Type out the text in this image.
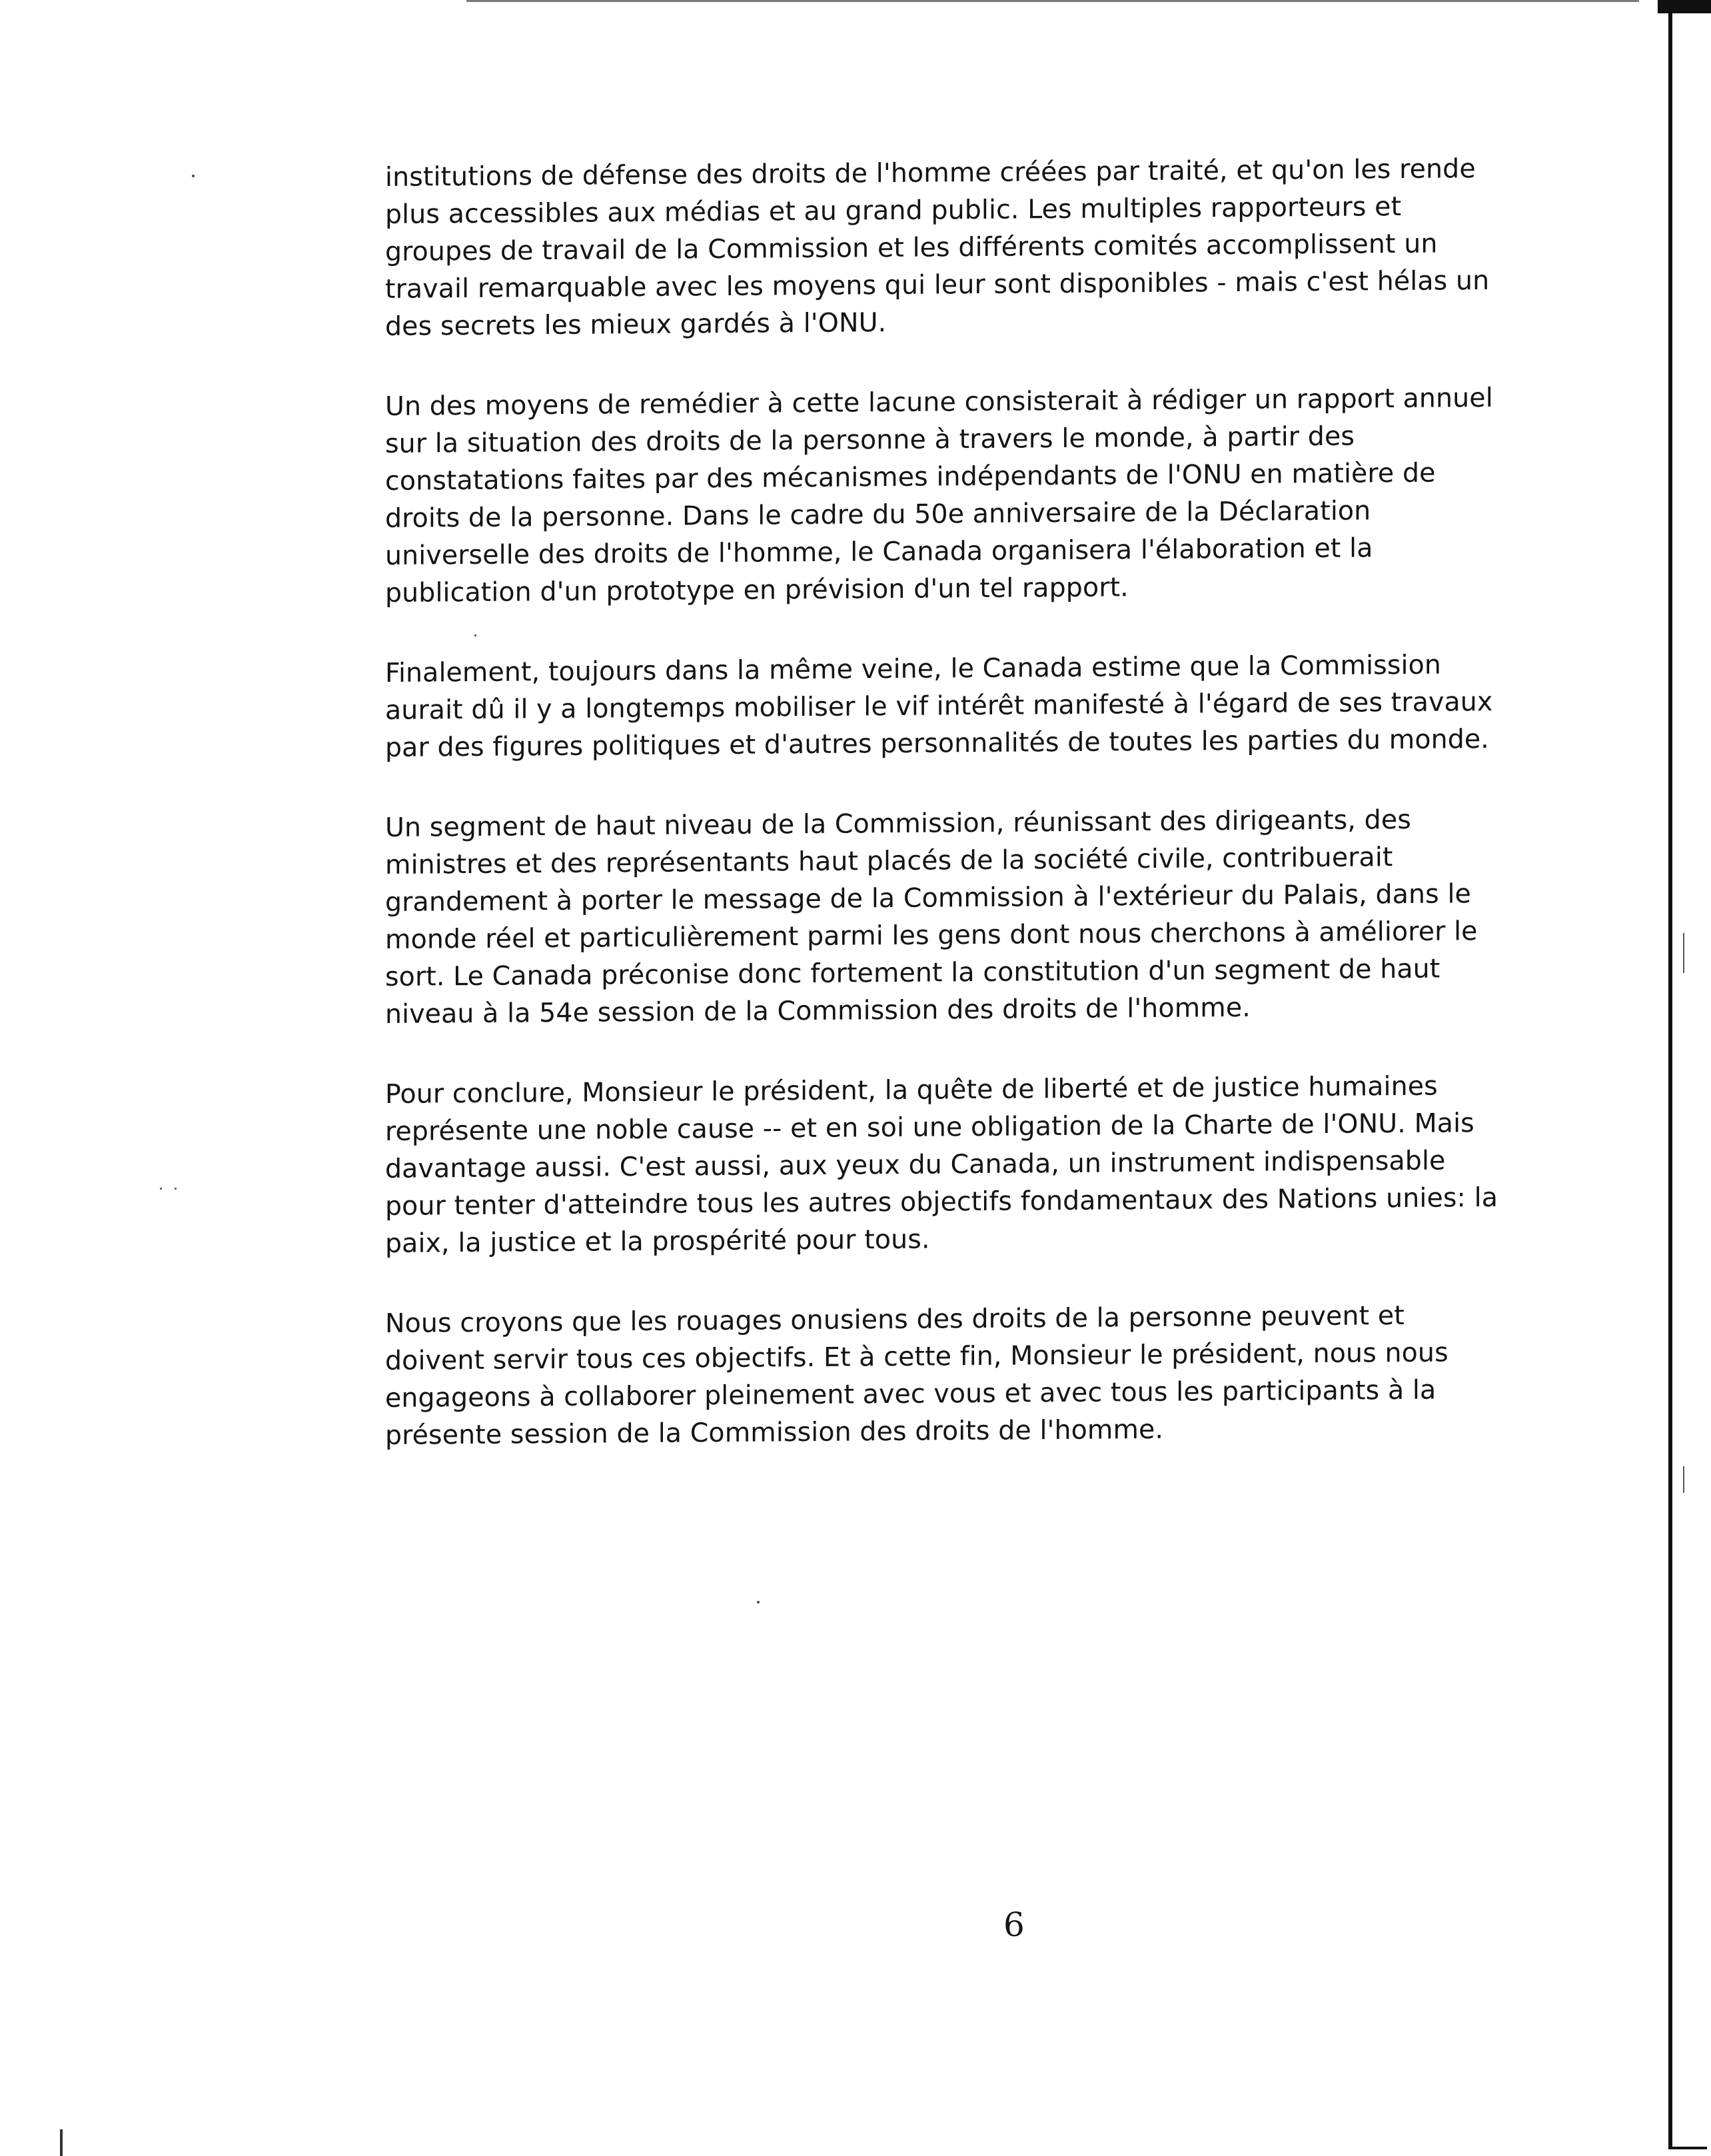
institutions de défense des droits de l'homme créées par traité, et qu'on les rende
plus accessibles aux médias et au grand public. Les multiples rapporteurs et
groupes de travail de la Commission et les différents comités accomplissent un
travail remarquable avec les moyens qui leur sont disponibles - mais c'est hélas un
des secrets les mieux gardés à l'ONU.

Un des moyens de remédier à cette lacune consisterait à rédiger un rapport annuel
sur la situation des droits de la personne à travers le monde, à partir des
constatations faites par des mécanismes indépendants de l'ONU en matière de
droits de la personne. Dans le cadre du 50e anniversaire de la Déclaration
universelle des droits de l'homme, le Canada organisera l'élaboration et la
publication d'un prototype en prévision d'un tel rapport.

Finalement, toujours dans la même veine, le Canada estime que la Commission
aurait dû il y a longtemps mobiliser le vif intérêt manifesté à l'égard de ses travaux
par des figures politiques et d'autres personnalités de toutes les parties du monde.

Un segment de haut niveau de la Commission, réunissant des dirigeants, des
ministres et des représentants haut placés de la société civile, contribuerait
grandement à porter le message de la Commission à l'extérieur du Palais, dans le
monde réel et particulièrement parmi les gens dont nous cherchons à améliorer le
sort. Le Canada préconise donc fortement la constitution d'un segment de haut
niveau à la 54e session de la Commission des droits de l'homme.

Pour conclure, Monsieur le président, la quête de liberté et de justice humaines
représente une noble cause -- et en soi une obligation de la Charte de l'ONU. Mais
davantage aussi. C'est aussi, aux yeux du Canada, un instrument indispensable
pour tenter d'atteindre tous les autres objectifs fondamentaux des Nations unies: la
paix, la justice et la prospérité pour tous.

Nous croyons que les rouages onusiens des droits de la personne peuvent et
doivent servir tous ces objectifs. Et à cette fin, Monsieur le président, nous nous
engageons à collaborer pleinement avec vous et avec tous les participants à la
présente session de la Commission des droits de l'homme.

6
